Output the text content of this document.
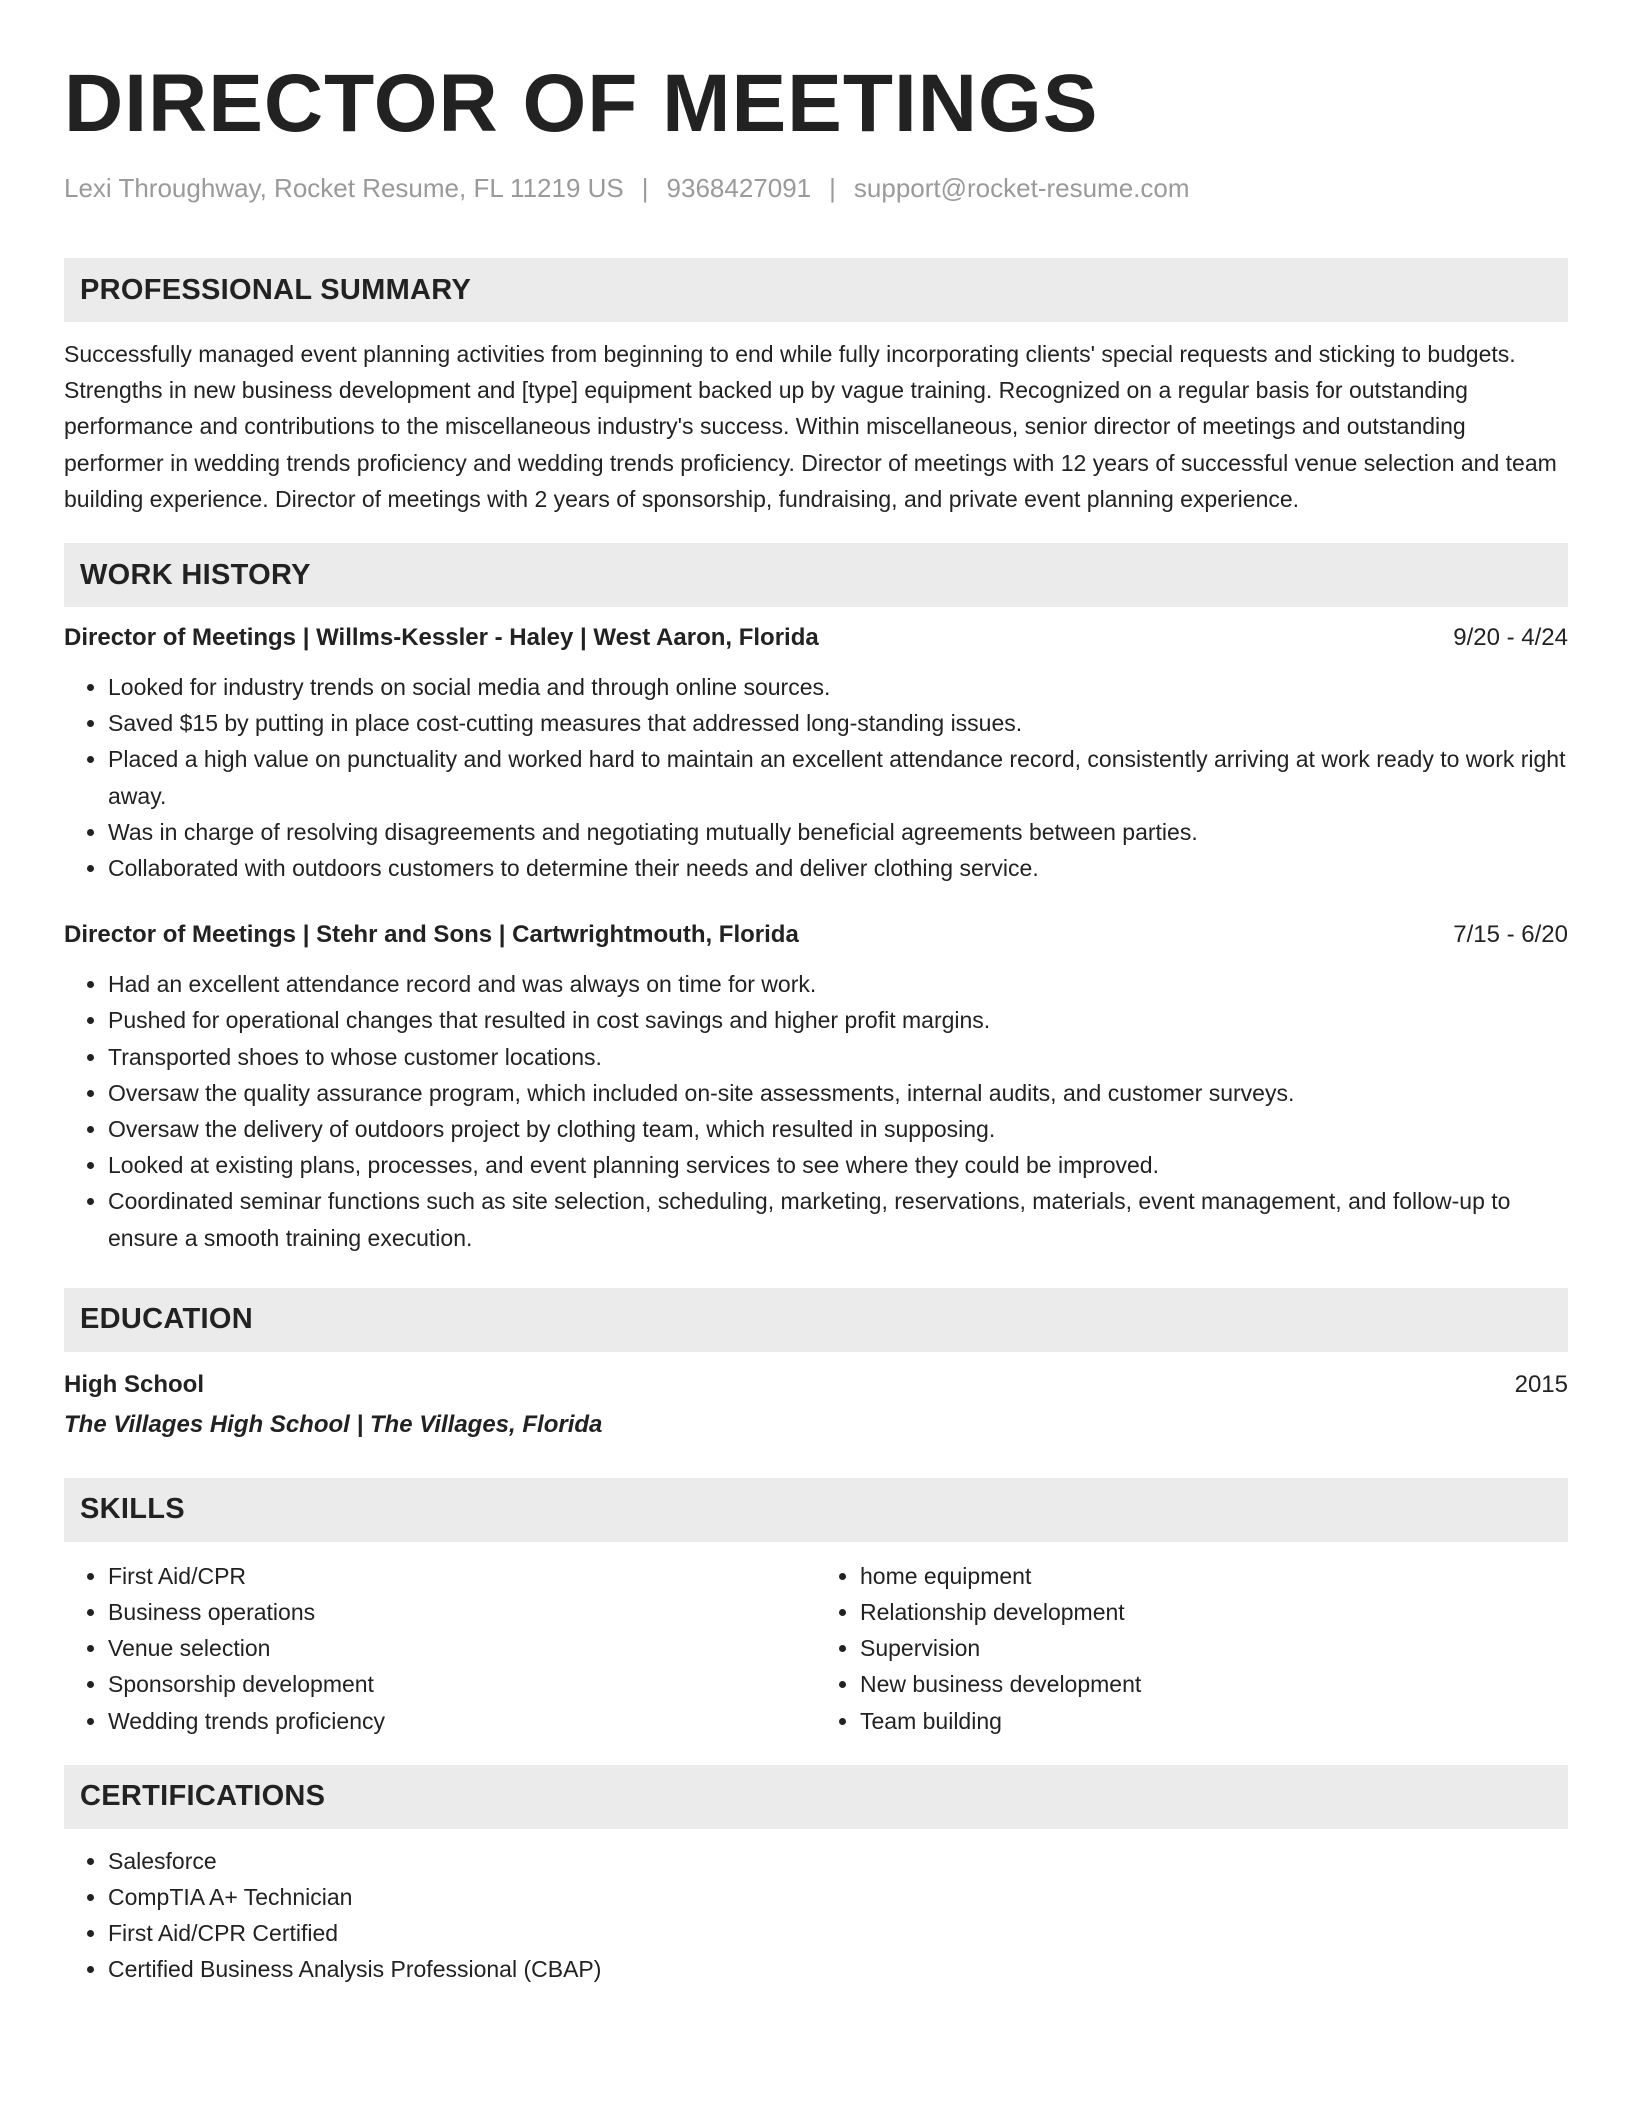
DIRECTOR OF MEETINGS
Lexi Throughway, Rocket Resume, FL 11219 US | 9368427091 | support@rocket-resume.com
PROFESSIONAL SUMMARY
Successfully managed event planning activities from beginning to end while fully incorporating clients' special requests and sticking to budgets. Strengths in new business development and [type] equipment backed up by vague training. Recognized on a regular basis for outstanding performance and contributions to the miscellaneous industry's success. Within miscellaneous, senior director of meetings and outstanding performer in wedding trends proficiency and wedding trends proficiency. Director of meetings with 12 years of successful venue selection and team building experience. Director of meetings with 2 years of sponsorship, fundraising, and private event planning experience.
WORK HISTORY
Director of Meetings | Willms-Kessler - Haley | West Aaron, Florida	9/20 - 4/24
• Looked for industry trends on social media and through online sources.
• Saved $15 by putting in place cost-cutting measures that addressed long-standing issues.
• Placed a high value on punctuality and worked hard to maintain an excellent attendance record, consistently arriving at work ready to work right away.
• Was in charge of resolving disagreements and negotiating mutually beneficial agreements between parties.
• Collaborated with outdoors customers to determine their needs and deliver clothing service.
Director of Meetings | Stehr and Sons | Cartwrightmouth, Florida	7/15 - 6/20
• Had an excellent attendance record and was always on time for work.
• Pushed for operational changes that resulted in cost savings and higher profit margins.
• Transported shoes to whose customer locations.
• Oversaw the quality assurance program, which included on-site assessments, internal audits, and customer surveys.
• Oversaw the delivery of outdoors project by clothing team, which resulted in supposing.
• Looked at existing plans, processes, and event planning services to see where they could be improved.
• Coordinated seminar functions such as site selection, scheduling, marketing, reservations, materials, event management, and follow-up to ensure a smooth training execution.
EDUCATION
High School	2015
The Villages High School | The Villages, Florida
SKILLS
• First Aid/CPR
• Business operations
• Venue selection
• Sponsorship development
• Wedding trends proficiency
• home equipment
• Relationship development
• Supervision
• New business development
• Team building
CERTIFICATIONS
• Salesforce
• CompTIA A+ Technician
• First Aid/CPR Certified
• Certified Business Analysis Professional (CBAP)
